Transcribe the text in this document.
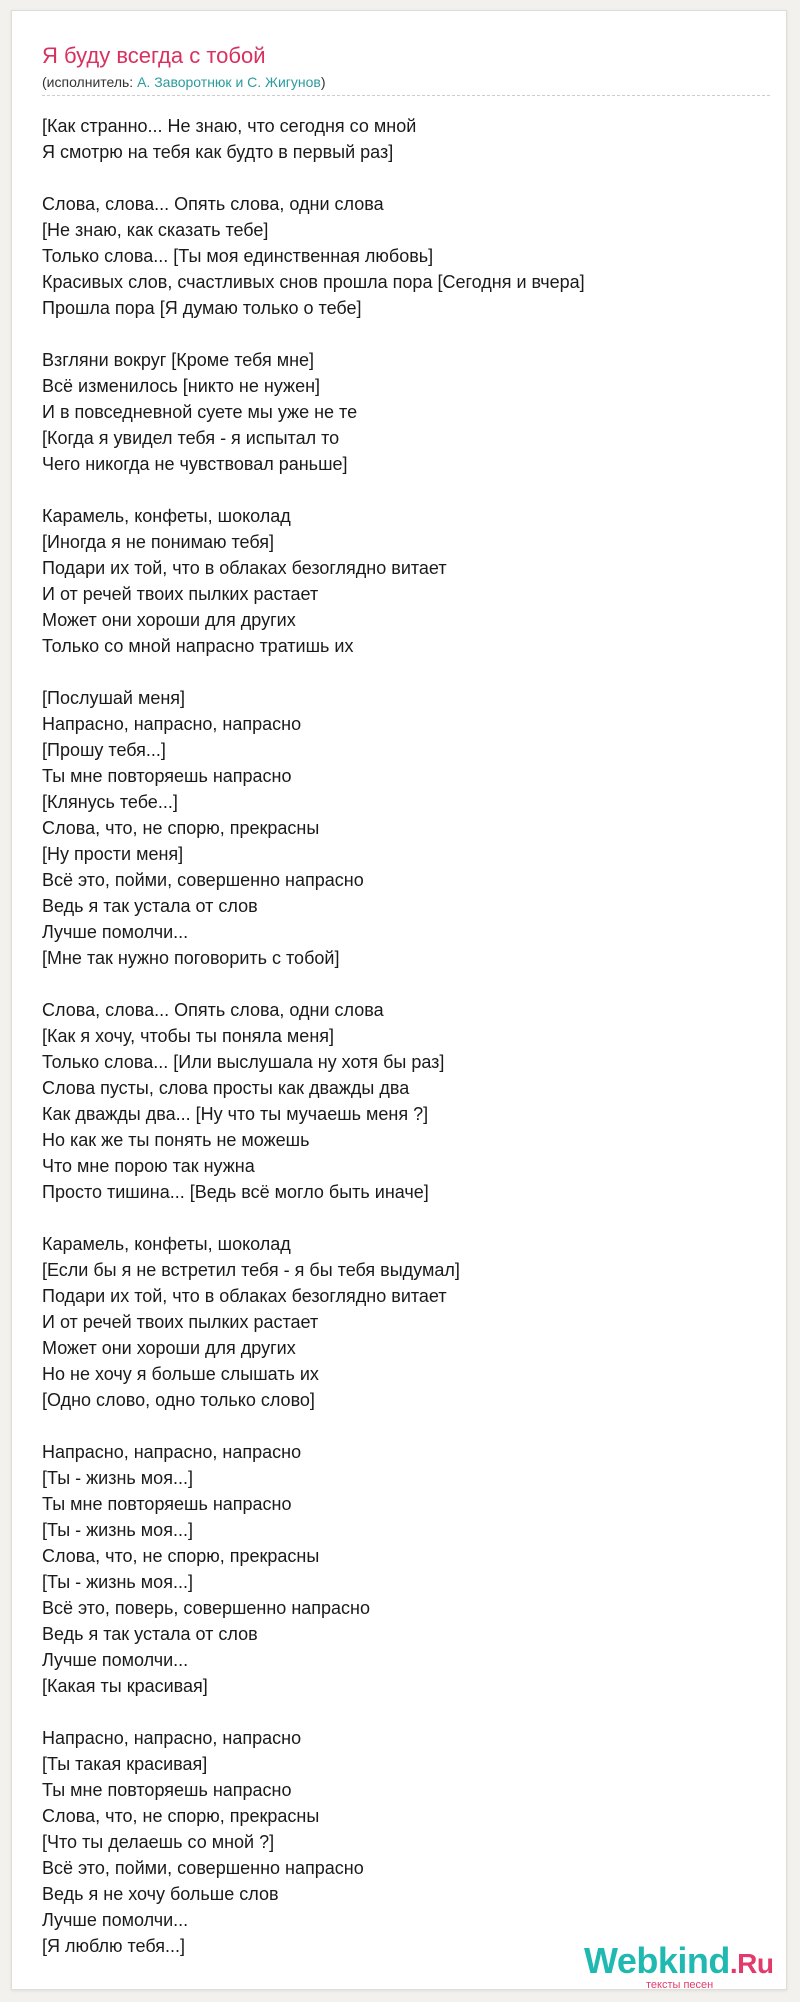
Я буду всегда с тобой
(исполнитель: А. Заворотнюк и С. Жигунов)
[Как странно... Не знаю, что сегодня со мной
Я смотрю на тебя как будто в первый раз]
Слова, слова... Опять слова, одни слова
[Не знаю, как сказать тебе]
Только слова... [Ты моя единственная любовь]
Красивых слов, счастливых снов прошла пора [Сегодня и вчера]
Прошла пора [Я думаю только о тебе]
Взгляни вокруг [Кроме тебя мне]
Всё изменилось [никто не нужен]
И в повседневной суете мы уже не те
[Когда я увидел тебя - я испытал то
Чего никогда не чувствовал раньше]
Карамель, конфеты, шоколад
[Иногда я не понимаю тебя]
Подари их той, что в облаках безоглядно витает
И от речей твоих пылких растает
Может они хороши для других
Только со мной напрасно тратишь их
[Послушай меня]
Напрасно, напрасно, напрасно
[Прошу тебя...]
Ты мне повторяешь напрасно
[Клянусь тебе...]
Слова, что, не спорю, прекрасны
[Ну прости меня]
Всё это, пойми, совершенно напрасно
Ведь я так устала от слов
Лучше помолчи...
[Мне так нужно поговорить с тобой]
Слова, слова... Опять слова, одни слова
[Как я хочу, чтобы ты поняла меня]
Только слова... [Или выслушала ну хотя бы раз]
Слова пусты, слова просты как дважды два
Как дважды два... [Ну что ты мучаешь меня ?]
Но как же ты понять не можешь
Что мне порою так нужна
Просто тишина... [Ведь всё могло быть иначе]
Карамель, конфеты, шоколад
[Если бы я не встретил тебя - я бы тебя выдумал]
Подари их той, что в облаках безоглядно витает
И от речей твоих пылких растает
Может они хороши для других
Но не хочу я больше слышать их
[Одно слово, одно только слово]
Напрасно, напрасно, напрасно
[Ты - жизнь моя...]
Ты мне повторяешь напрасно
[Ты - жизнь моя...]
Слова, что, не спорю, прекрасны
[Ты - жизнь моя...]
Всё это, поверь, совершенно напрасно
Ведь я так устала от слов
Лучше помолчи...
[Какая ты красивая]
Напрасно, напрасно, напрасно
[Ты такая красивая]
Ты мне повторяешь напрасно
Слова, что, не спорю, прекрасны
[Что ты делаешь со мной ?]
Всё это, пойми, совершенно напрасно
Ведь я не хочу больше слов
Лучше помолчи...
[Я люблю тебя...]	Webkind.Ru
тексты песен
